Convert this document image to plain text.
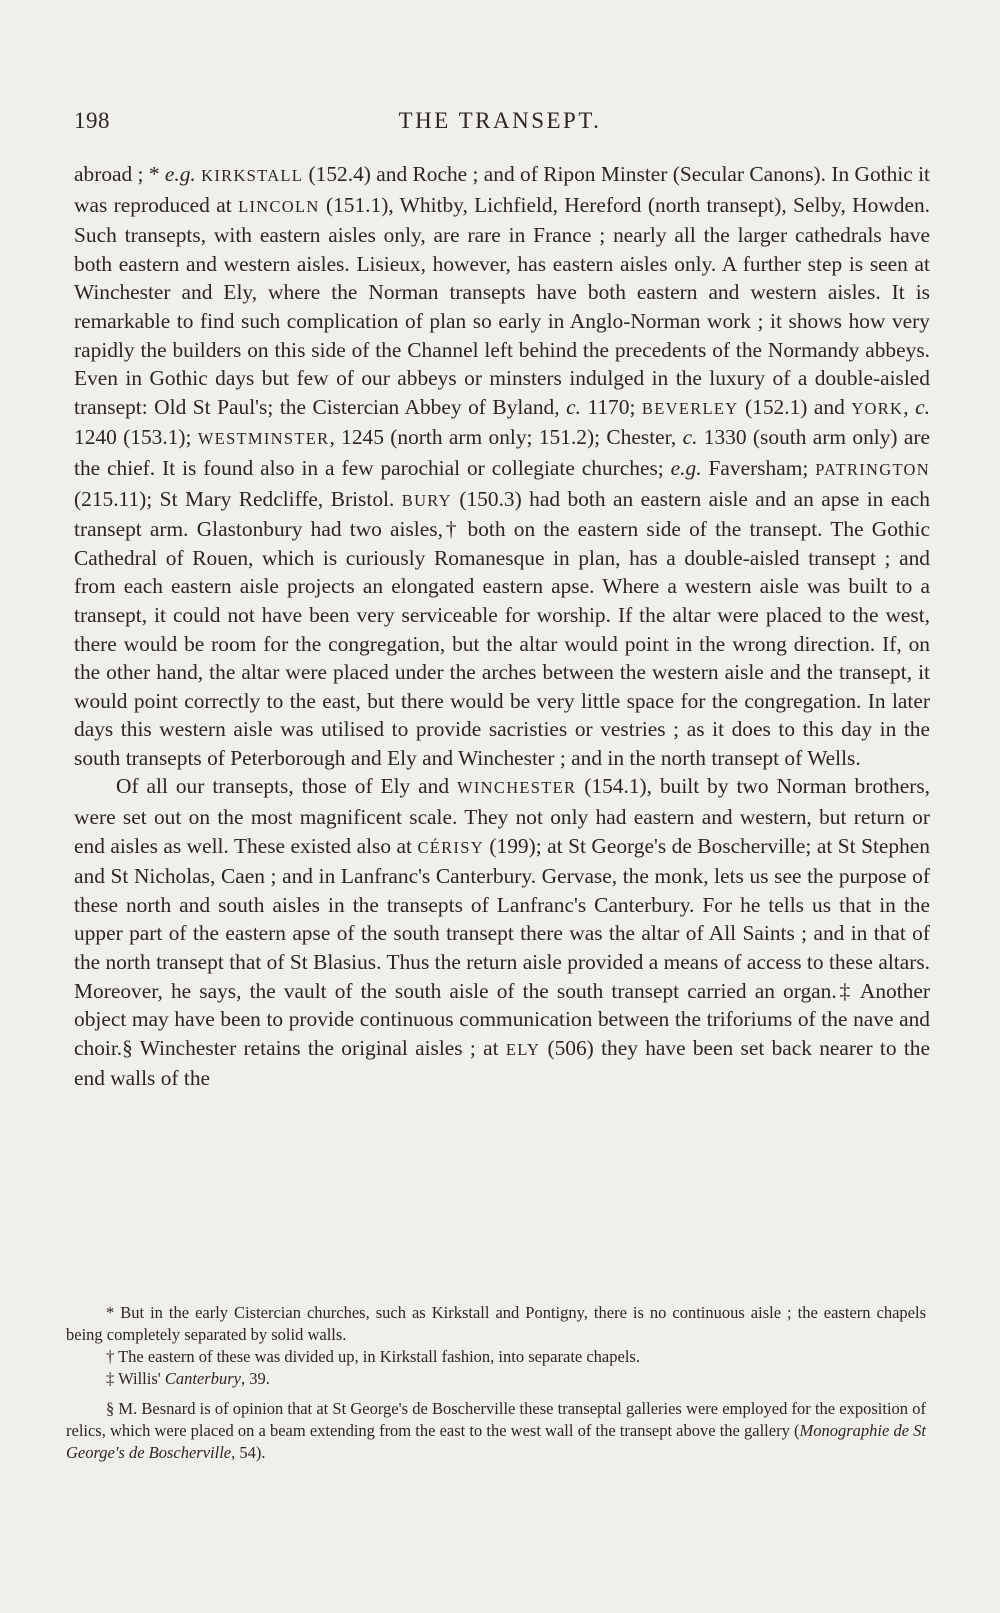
198	THE TRANSEPT.

abroad ; * e.g. KIRKSTALL (152.4) and Roche ; and of Ripon Minster (Secular Canons). In Gothic it was reproduced at LINCOLN (151.1), Whitby, Lichfield, Hereford (north transept), Selby, Howden. Such transepts, with eastern aisles only, are rare in France ; nearly all the larger cathedrals have both eastern and western aisles. Lisieux, however, has eastern aisles only. A further step is seen at Winchester and Ely, where the Norman transepts have both eastern and western aisles. It is remarkable to find such complication of plan so early in Anglo-Norman work ; it shows how very rapidly the builders on this side of the Channel left behind the precedents of the Normandy abbeys. Even in Gothic days but few of our abbeys or minsters indulged in the luxury of a double-aisled transept: Old St Paul's; the Cistercian Abbey of Byland, c. 1170; BEVERLEY (152.1) and YORK, c. 1240 (153.1); WESTMINSTER, 1245 (north arm only; 151.2); Chester, c. 1330 (south arm only) are the chief. It is found also in a few parochial or collegiate churches; e.g. Faversham; PATRINGTON (215.11); St Mary Redcliffe, Bristol. BURY (150.3) had both an eastern aisle and an apse in each transept arm. Glastonbury had two aisles,† both on the eastern side of the transept. The Gothic Cathedral of Rouen, which is curiously Romanesque in plan, has a double-aisled transept ; and from each eastern aisle projects an elongated eastern apse. Where a western aisle was built to a transept, it could not have been very serviceable for worship. If the altar were placed to the west, there would be room for the congregation, but the altar would point in the wrong direction. If, on the other hand, the altar were placed under the arches between the western aisle and the transept, it would point correctly to the east, but there would be very little space for the congregation. In later days this western aisle was utilised to provide sacristies or vestries ; as it does to this day in the south transepts of Peterborough and Ely and Winchester ; and in the north transept of Wells.

Of all our transepts, those of Ely and WINCHESTER (154.1), built by two Norman brothers, were set out on the most magnificent scale. They not only had eastern and western, but return or end aisles as well. These existed also at CÉRISY (199); at St George's de Boscherville; at St Stephen and St Nicholas, Caen ; and in Lanfranc's Canterbury. Gervase, the monk, lets us see the purpose of these north and south aisles in the transepts of Lanfranc's Canterbury. For he tells us that in the upper part of the eastern apse of the south transept there was the altar of All Saints ; and in that of the north transept that of St Blasius. Thus the return aisle provided a means of access to these altars. Moreover, he says, the vault of the south aisle of the south transept carried an organ.‡ Another object may have been to provide continuous communication between the triforiums of the nave and choir.§ Winchester retains the original aisles ; at ELY (506) they have been set back nearer to the end walls of the

* But in the early Cistercian churches, such as Kirkstall and Pontigny, there is no continuous aisle ; the eastern chapels being completely separated by solid walls.

† The eastern of these was divided up, in Kirkstall fashion, into separate chapels.

‡ Willis' Canterbury, 39.

§ M. Besnard is of opinion that at St George's de Boscherville these transeptal galleries were employed for the exposition of relics, which were placed on a beam extending from the east to the west wall of the transept above the gallery (Monographie de St George's de Boscherville, 54).
